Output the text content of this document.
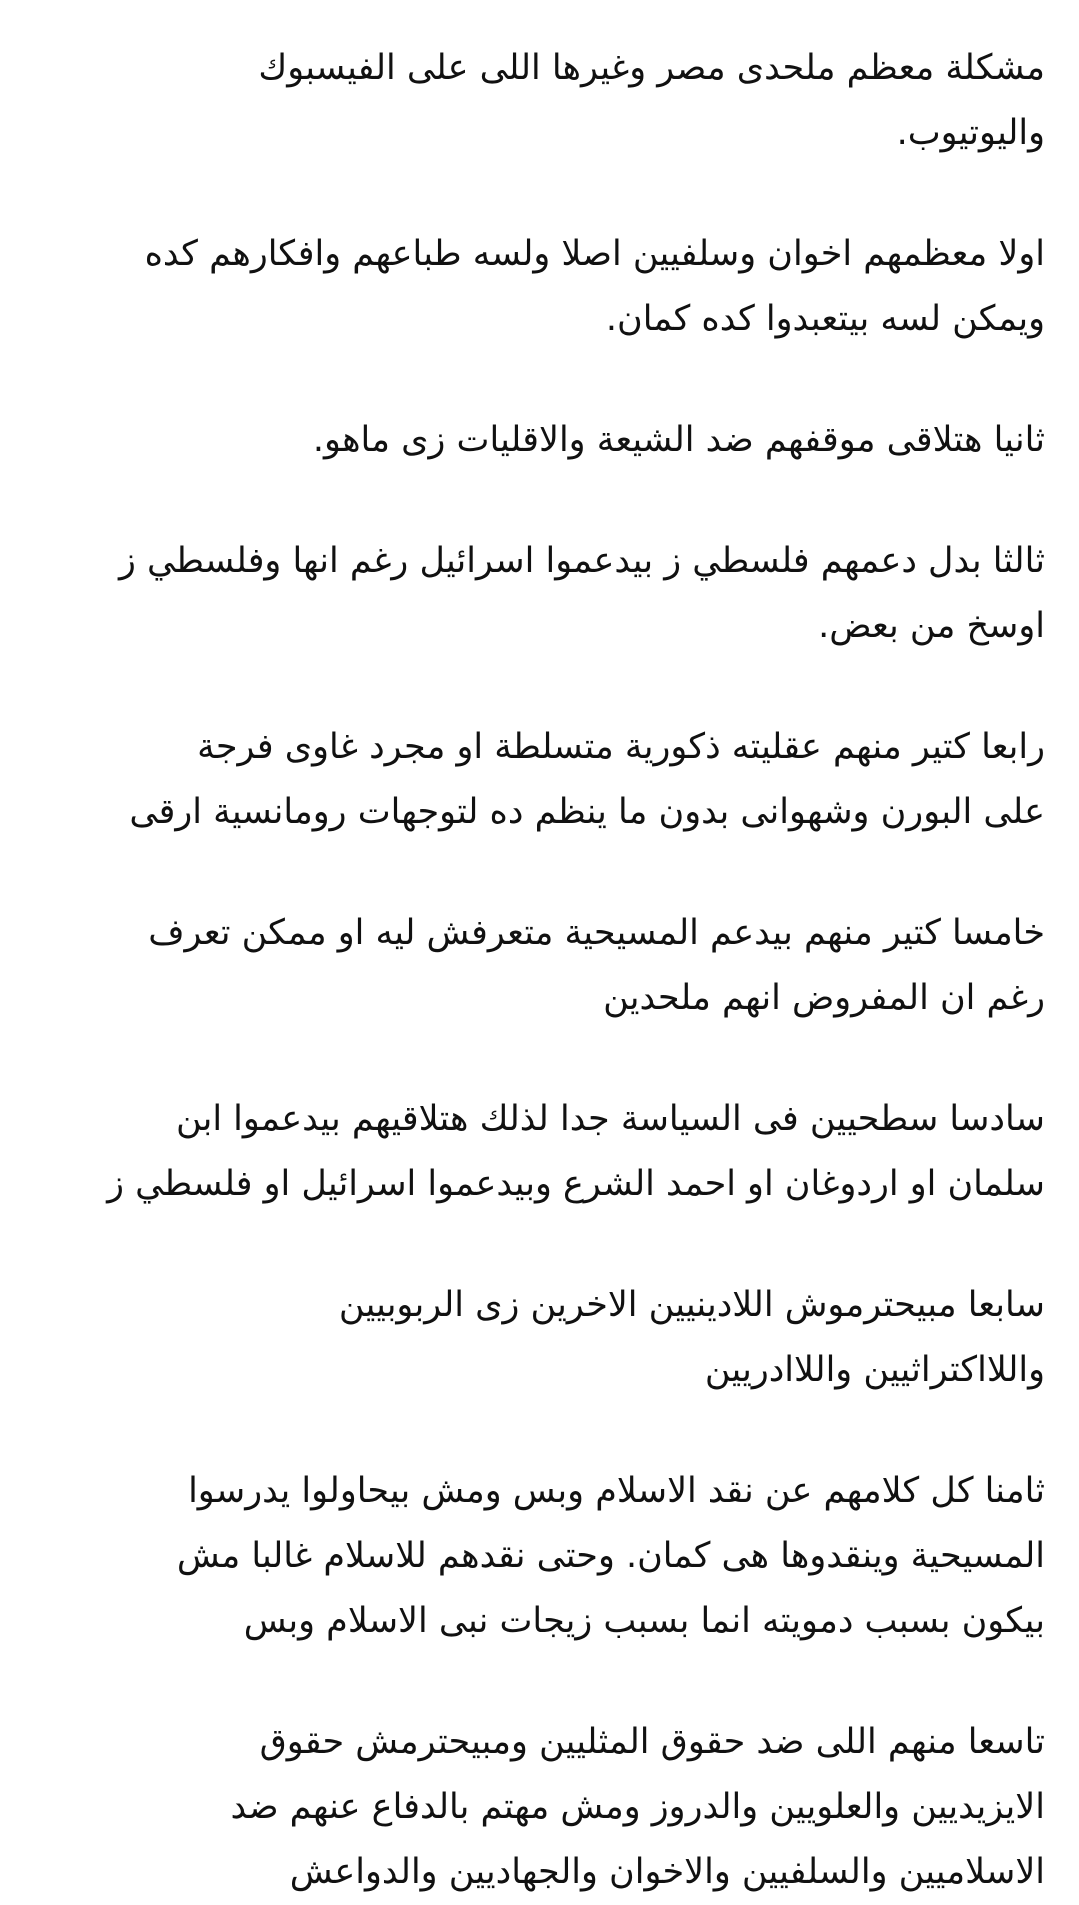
مشكلة معظم ملحدى مصر وغيرها اللى على الفيسبوك
واليوتيوب.

اولا معظمهم اخوان وسلفيين اصلا ولسه طباعهم وافكارهم كده
ويمكن لسه بيتعبدوا كده كمان.

ثانيا هتلاقى موقفهم ضد الشيعة والاقليات زى ماهو.

ثالثا بدل دعمهم فلسطي ز بيدعموا اسرائيل رغم انها وفلسطي ز
اوسخ من بعض.

رابعا كتير منهم عقليته ذكورية متسلطة او مجرد غاوى فرجة
على البورن وشهوانى بدون ما ينظم ده لتوجهات رومانسية ارقى

خامسا كتير منهم بيدعم المسيحية متعرفش ليه او ممكن تعرف
رغم ان المفروض انهم ملحدين

سادسا سطحيين فى السياسة جدا لذلك هتلاقيهم بيدعموا ابن
سلمان او اردوغان او احمد الشرع وبيدعموا اسرائيل او فلسطي ز

سابعا مبيحترموش اللادينيين الاخرين زى الربوبيين
واللااكتراثيين واللاادريين

ثامنا كل كلامهم عن نقد الاسلام وبس ومش بيحاولوا يدرسوا
المسيحية وينقدوها هى كمان. وحتى نقدهم للاسلام غالبا مش
بيكون بسبب دمويته انما بسبب زيجات نبى الاسلام وبس

تاسعا منهم اللى ضد حقوق المثليين ومبيحترمش حقوق
الايزيديين والعلويين والدروز ومش مهتم بالدفاع عنهم ضد
الاسلاميين والسلفيين والاخوان والجهاديين والدواعش
